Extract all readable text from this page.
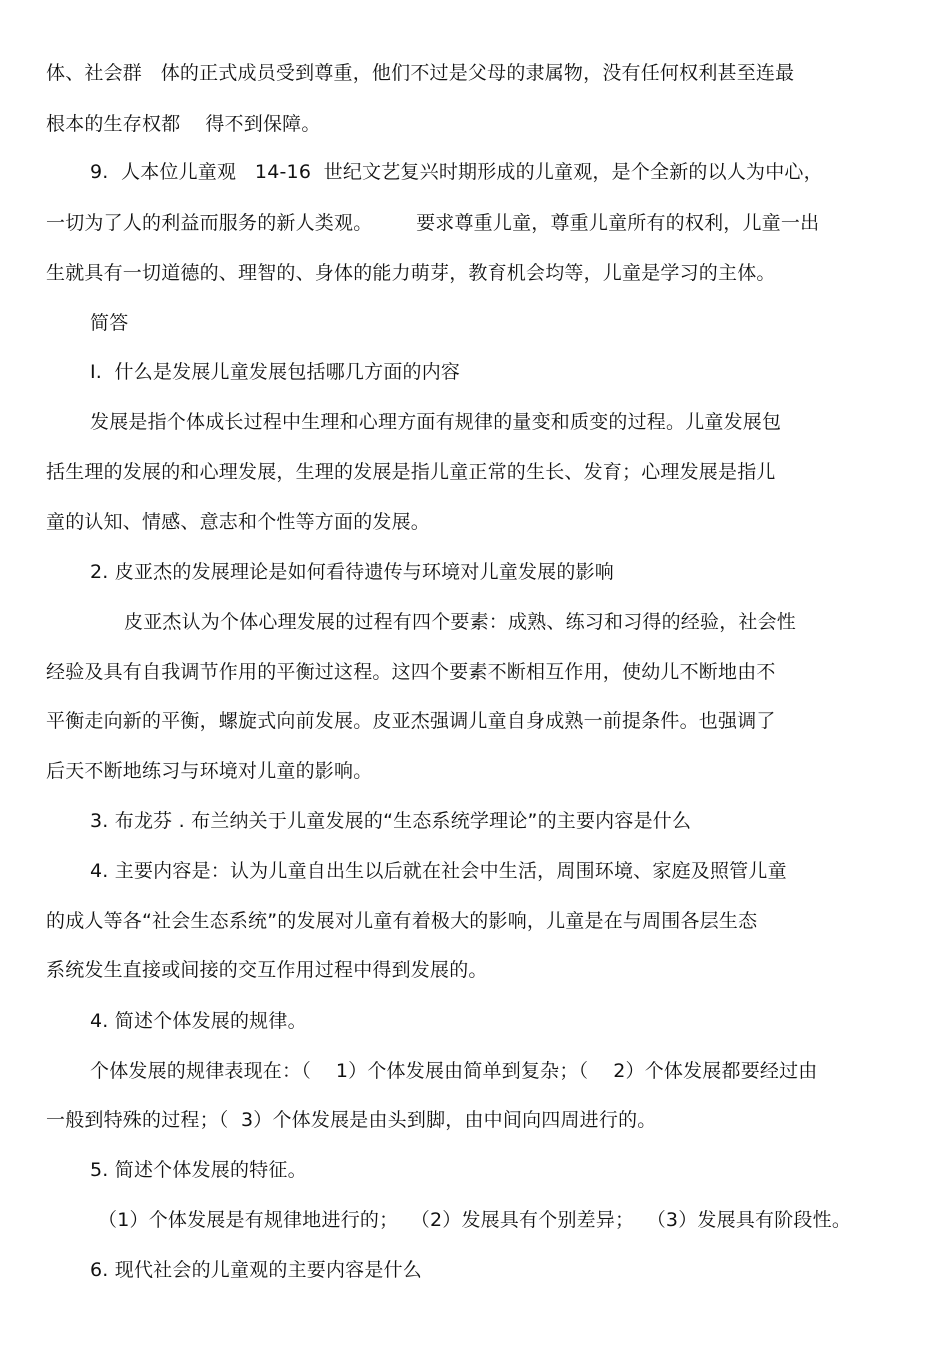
体、社会群   体的正式成员受到尊重，他们不过是父母的隶属物，没有任何权利甚至连最
根本的生存权都    得不到保障。
9.  人本位儿童观   14-16  世纪文艺复兴时期形成的儿童观，是个全新的以人为中心，
一切为了人的利益而服务的新人类观。       要求尊重儿童，尊重儿童所有的权利，儿童一出
生就具有一切道德的、理智的、身体的能力萌芽，教育机会均等，儿童是学习的主体。
简答
I.  什么是发展儿童发展包括哪几方面的内容
发展是指个体成长过程中生理和心理方面有规律的量变和质变的过程。儿童发展包
括生理的发展的和心理发展，生理的发展是指儿童正常的生长、发育；心理发展是指儿
童的认知、情感、意志和个性等方面的发展。
2. 皮亚杰的发展理论是如何看待遗传与环境对儿童发展的影响
皮亚杰认为个体心理发展的过程有四个要素：成熟、练习和习得的经验，社会性
经验及具有自我调节作用的平衡过这程。这四个要素不断相互作用，使幼儿不断地由不
平衡走向新的平衡，螺旋式向前发展。皮亚杰强调儿童自身成熟一前提条件。也强调了
后天不断地练习与环境对儿童的影响。
3. 布龙芬 . 布兰纳关于儿童发展的“生态系统学理论”的主要内容是什么
4. 主要内容是：认为儿童自出生以后就在社会中生活，周围环境、家庭及照管儿童
的成人等各“社会生态系统”的发展对儿童有着极大的影响，儿童是在与周围各层生态
系统发生直接或间接的交互作用过程中得到发展的。
4. 简述个体发展的规律。
个体发展的规律表现在：（    1）个体发展由简单到复杂；（    2）个体发展都要经过由
一般到特殊的过程；（  3）个体发展是由头到脚，由中间向四周进行的。
5. 简述个体发展的特征。
（1）个体发展是有规律地进行的；  （2）发展具有个别差异；  （3）发展具有阶段性。
6. 现代社会的儿童观的主要内容是什么
